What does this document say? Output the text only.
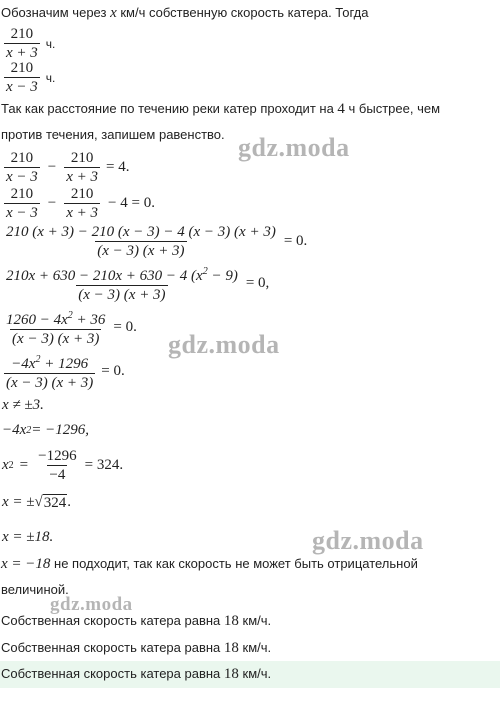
Обозначим через x км/ч собственную скорость катера. Тогда
$\frac{210}{x + 3} ч$.
$\frac{210}{x - 3} ч$.
Так как расстояние по течению реки катер проходит на 4 ч быстрее, чем
против течения, запишем равенство. gdz.moda
$\frac{210}{x - 3} - \frac{210}{x + 3} = 4$.
$\frac{210}{x - 3} - \frac{210}{x + 3} - 4 = 0$.
$\frac{210 (x + 3) - 210 (x - 3) - 4 (x - 3) (x + 3)}{(x - 3) (x + 3)} = 0$.
$\frac{210x + 630 - 210x + 630 - 4 (x^2 - 9)}{(x - 3) (x + 3)} = 0$,
$\frac{1260 - 4x^2 + 36}{(x - 3) (x + 3)} = 0$.
gdz.moda
$\frac{-4x^2 + 1296}{(x - 3) (x + 3)} = 0$.
x ≠ ±3.
−4x 2 = −1296,
x $2 = \frac{-1296}{-4} = 324$.
x = ± √ 324 .
x = ±18.	gdz.moda
x = −18 не подходит, так как скорость не может быть отрицательной
величиной.
gdz.moda
Собственная скорость катера равна 18 км/ч.
Собственная скорость катера равна 18 км/ч.
Собственная скорость катера равна 18 км/ч.
